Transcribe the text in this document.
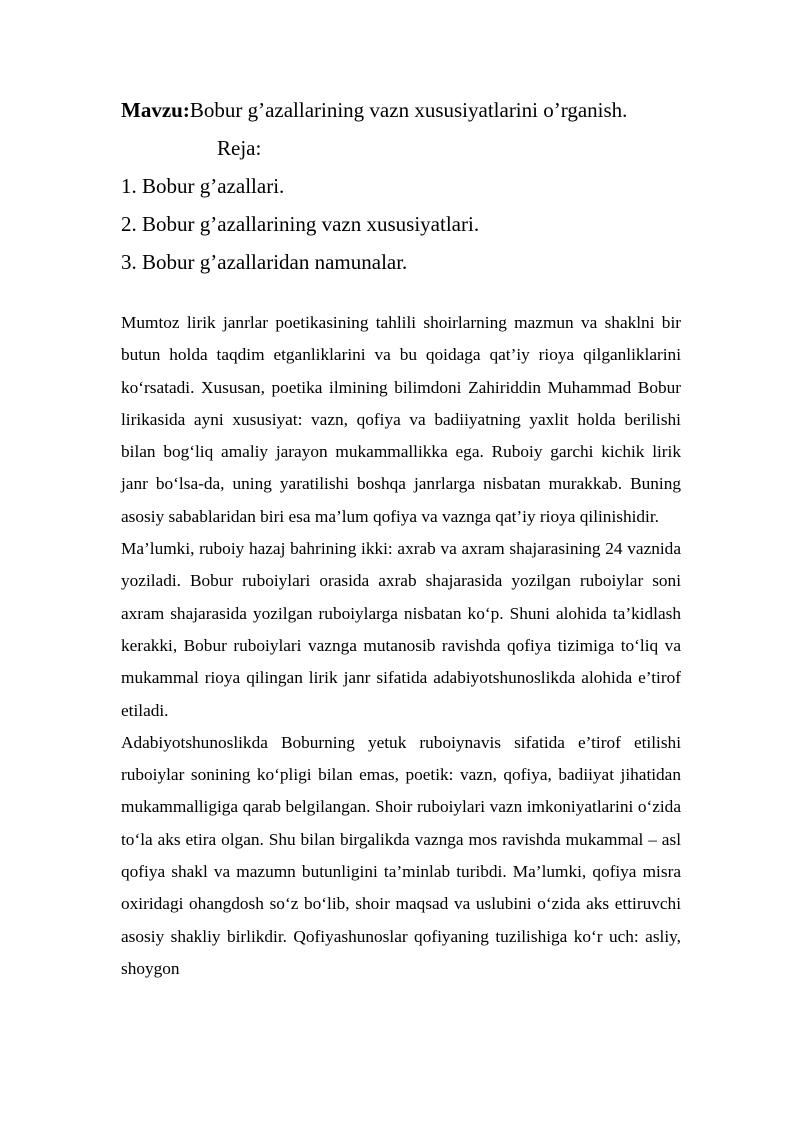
Mavzu:Bobur g’azallarining vazn xususiyatlarini o’rganish.

Reja:
1. Bobur g’azallari.
2. Bobur g’azallarining vazn xususiyatlari.
3. Bobur g’azallaridan namunalar.

Mumtoz lirik janrlar poetikasining tahlili shoirlarning mazmun va shaklni bir butun holda taqdim etganliklarini va bu qoidaga qat’iy rioya qilganliklarini ko‘rsatadi. Xususan, poetika ilmining bilimdoni Zahiriddin Muhammad Bobur lirikasida ayni xususiyat: vazn, qofiya va badiiyatning yaxlit holda berilishi bilan bog‘liq amaliy jarayon mukammallikka ega. Ruboiy garchi kichik lirik janr bo‘lsa-da, uning yaratilishi boshqa janrlarga nisbatan murakkab. Buning asosiy sabablaridan biri esa ma’lum qofiya va vaznga qat’iy rioya qilinishidir.

Ma’lumki, ruboiy hazaj bahrining ikki: axrab va axram shajarasining 24 vaznida yoziladi. Bobur ruboiylari orasida axrab shajarasida yozilgan ruboiylar soni axram shajarasida yozilgan ruboiylarga nisbatan ko‘p. Shuni alohida ta’kidlash kerakki, Bobur ruboiylari vaznga mutanosib ravishda qofiya tizimiga to‘liq va mukammal rioya qilingan lirik janr sifatida adabiyotshunoslikda alohida e’tirof etiladi.

Adabiyotshunoslikda Boburning yetuk ruboiynavis sifatida e’tirof etilishi ruboiylar sonining ko‘pligi bilan emas, poetik: vazn, qofiya, badiiyat jihatidan mukammalligiga qarab belgilangan. Shoir ruboiylari vazn imkoniyatlarini o‘zida to‘la aks etira olgan. Shu bilan birgalikda vaznga mos ravishda mukammal – asl qofiya shakl va mazumn butunligini ta’minlab turibdi. Ma’lumki, qofiya misra oxiridagi ohangdosh so‘z bo‘lib, shoir maqsad va uslubini o‘zida aks ettiruvchi asosiy shakliy birlikdir. Qofiyashunoslar qofiyaning tuzilishiga ko‘r uch: asliy, shoygon
